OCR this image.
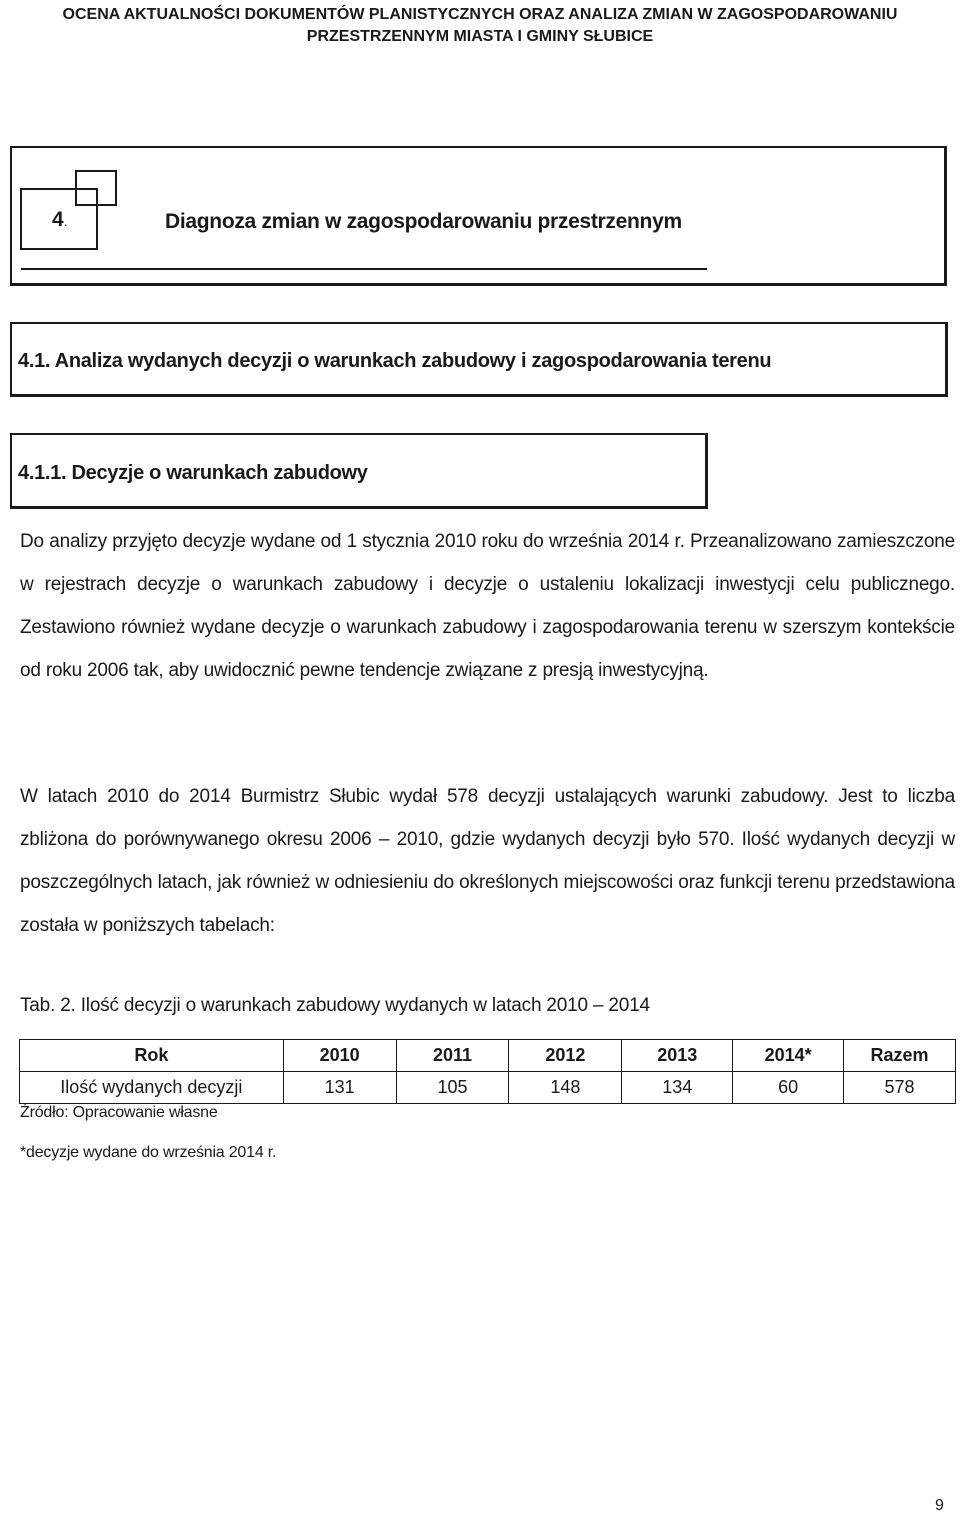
OCENA AKTUALNOŚCI DOKUMENTÓW PLANISTYCZNYCH ORAZ ANALIZA ZMIAN W ZAGOSPODAROWANIU
PRZESTRZENNYM MIASTA I GMINY SŁUBICE
4.	Diagnoza zmian w zagospodarowaniu przestrzennym
4.1. Analiza wydanych decyzji o warunkach zabudowy i zagospodarowania terenu
4.1.1. Decyzje o warunkach zabudowy

Do analizy przyjęto decyzje wydane od 1 stycznia 2010 roku do września 2014 r. Przeanalizowano zamieszczone w rejestrach decyzje o warunkach zabudowy i decyzje o ustaleniu lokalizacji inwestycji celu publicznego. Zestawiono również wydane decyzje o warunkach zabudowy i zagospodarowania terenu w szerszym kontekście od roku 2006 tak, aby uwidocznić pewne tendencje związane z presją inwestycyjną.

W latach 2010 do 2014 Burmistrz Słubic wydał 578 decyzji ustalających warunki zabudowy. Jest to liczba zbliżona do porównywanego okresu 2006 – 2010, gdzie wydanych decyzji było 570. Ilość wydanych decyzji w poszczególnych latach, jak również w odniesieniu do określonych miejscowości oraz funkcji terenu przedstawiona została w poniższych tabelach:

Tab. 2. Ilość decyzji o warunkach zabudowy wydanych w latach 2010 – 2014
Rok	2010	2011	2012	2013	2014*	Razem
Ilość wydanych decyzji	131	105	148	134	60	578
Źródło: Opracowanie własne
*decyzje wydane do września 2014 r.
9
